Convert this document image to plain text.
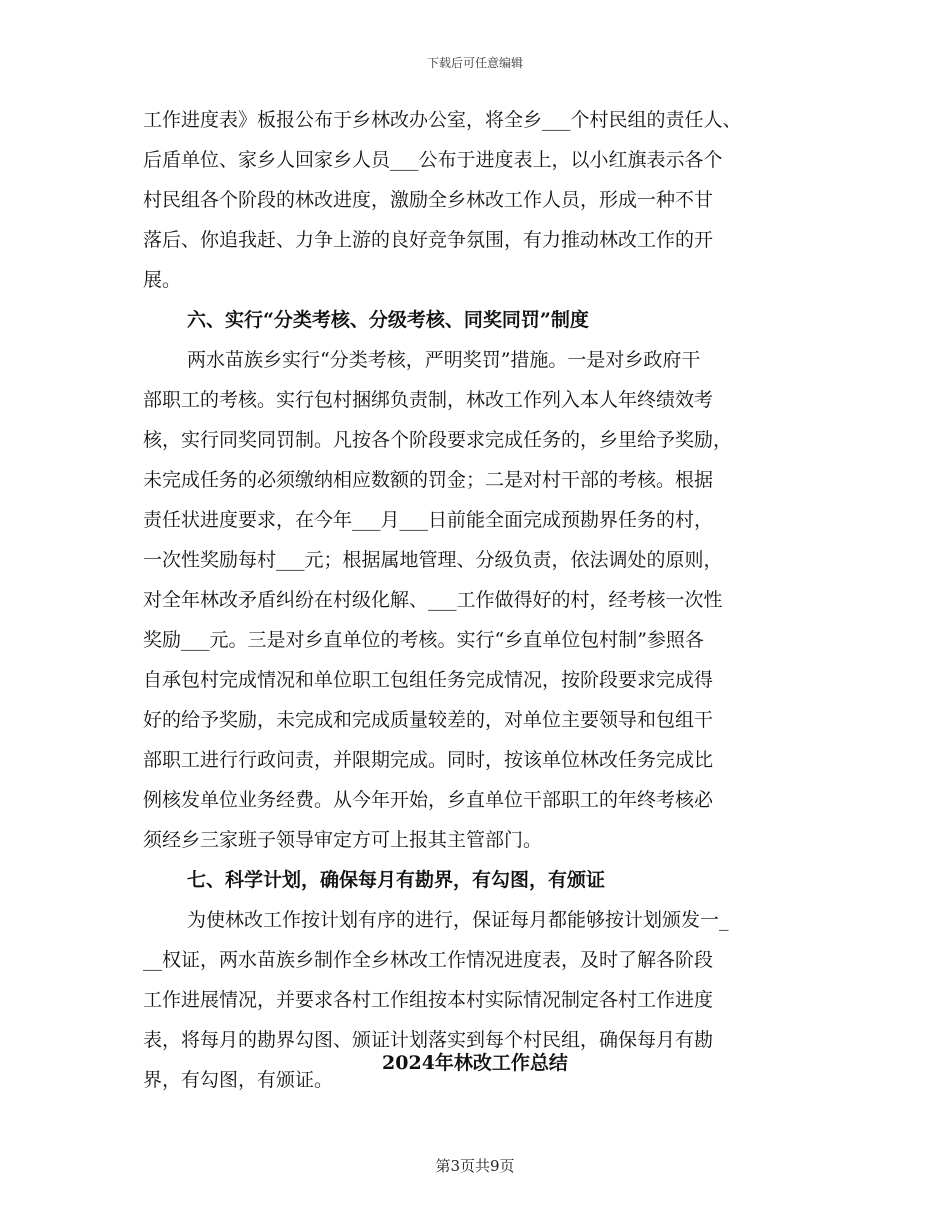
下载后可任意编辑
工作进度表》板报公布于乡林改办公室，将全乡___个村民组的责任人、
后盾单位、家乡人回家乡人员___公布于进度表上，以小红旗表示各个
村民组各个阶段的林改进度，激励全乡林改工作人员，形成一种不甘
落后、你追我赶、力争上游的良好竞争氛围，有力推动林改工作的开
展。
六、实行“分类考核、分级考核、同奖同罚”制度
两水苗族乡实行“分类考核，严明奖罚”措施。一是对乡政府干
部职工的考核。实行包村捆绑负责制，林改工作列入本人年终绩效考
核，实行同奖同罚制。凡按各个阶段要求完成任务的，乡里给予奖励，
未完成任务的必须缴纳相应数额的罚金；二是对村干部的考核。根据
责任状进度要求，在今年___月___日前能全面完成预勘界任务的村，
一次性奖励每村___元；根据属地管理、分级负责，依法调处的原则，
对全年林改矛盾纠纷在村级化解、___工作做得好的村，经考核一次性
奖励___元。三是对乡直单位的考核。实行“乡直单位包村制”参照各
自承包村完成情况和单位职工包组任务完成情况，按阶段要求完成得
好的给予奖励，未完成和完成质量较差的，对单位主要领导和包组干
部职工进行行政问责，并限期完成。同时，按该单位林改任务完成比
例核发单位业务经费。从今年开始，乡直单位干部职工的年终考核必
须经乡三家班子领导审定方可上报其主管部门。
七、科学计划，确保每月有勘界，有勾图，有颁证
为使林改工作按计划有序的进行，保证每月都能够按计划颁发一_
__权证，两水苗族乡制作全乡林改工作情况进度表，及时了解各阶段
工作进展情况，并要求各村工作组按本村实际情况制定各村工作进度
表，将每月的勘界勾图、颁证计划落实到每个村民组，确保每月有勘
界，有勾图，有颁证。
2024年林改工作总结
第3页共9页
